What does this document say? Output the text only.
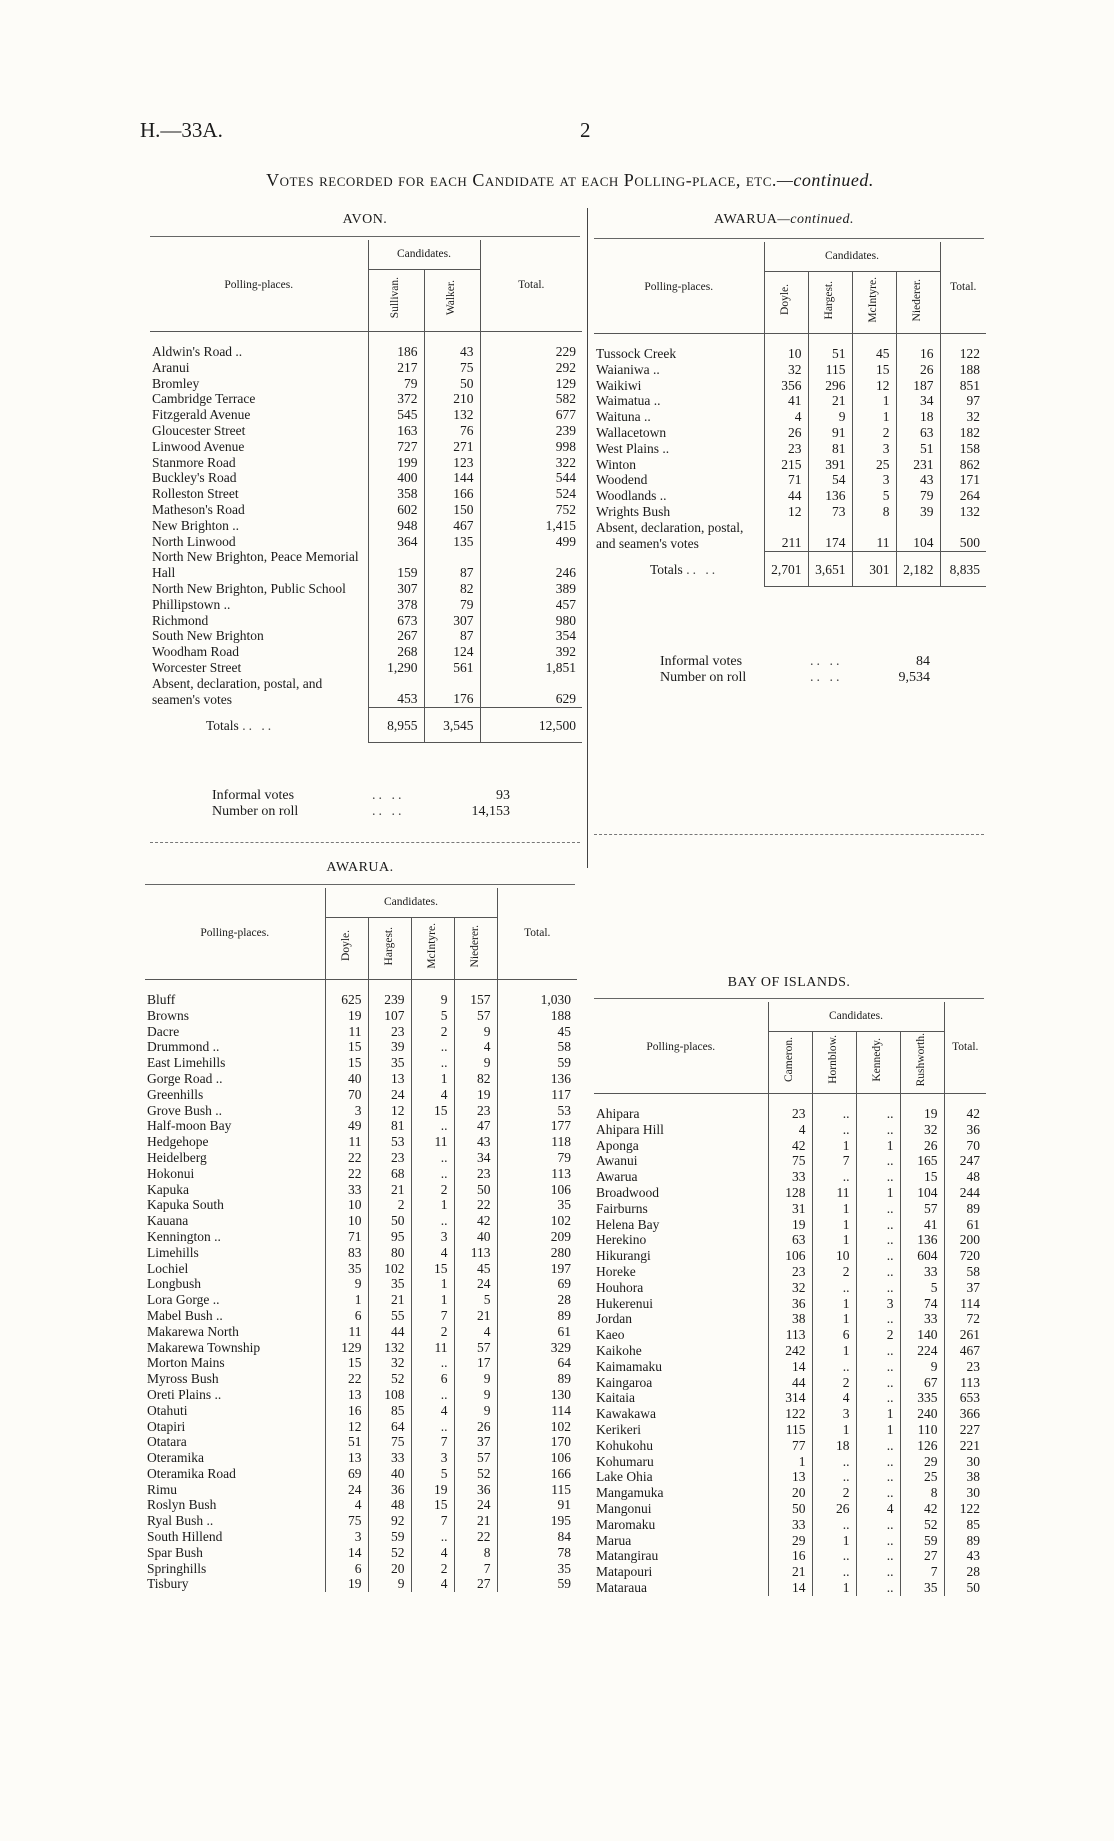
H.—33A.	2
Votes recorded for each Candidate at each Polling-place, etc.—continued.
AVON.
Polling-places.	Candidates.		Total.
	Sullivan.	Walker.	

Aldwin's Road ..	186	43	229
Aranui	217	75	292
Bromley	79	50	129
Cambridge Terrace	372	210	582
Fitzgerald Avenue	545	132	677
Gloucester Street	163	76	239
Linwood Avenue	727	271	998
Stanmore Road	199	123	322
Buckley's Road	400	144	544
Rolleston Street	358	166	524
Matheson's Road	602	150	752
New Brighton ..	948	467	1,415
North Linwood	364	135	499
North New Brighton, Peace Memorial Hall	159	87	246
North New Brighton, Public School	307	82	389
Phillipstown ..	378	79	457
Richmond	673	307	980
South New Brighton	267	87	354
Woodham Road	268	124	392
Worcester Street	1,290	561	1,851
Absent, declaration, postal, and seamen's votes	453	176	629
Totals .. ..	8,955	3,545	12,500
Informal votes	.. ..	93
Number on roll	.. ..	14,153
AWARUA—continued.
Polling-places.	Candidates.				Total.
	Doyle.	Hargest.	McIntyre.	Niederer.	

Tussock Creek	10	51	45	16	122
Waianiwa ..	32	115	15	26	188
Waikiwi	356	296	12	187	851
Waimatua ..	41	21	1	34	97
Waituna ..	4	9	1	18	32
Wallacetown	26	91	2	63	182
West Plains ..	23	81	3	51	158
Winton	215	391	25	231	862
Woodend	71	54	3	43	171
Woodlands ..	44	136	5	79	264
Wrights Bush	12	73	8	39	132
Absent, declaration, postal, and seamen's votes	211	174	11	104	500
Totals .. ..	2,701	3,651	301	2,182	8,835
Informal votes	.. ..	84
Number on roll	.. ..	9,534
AWARUA.
Polling-places.	Candidates.				Total.
	Doyle.	Hargest.	McIntyre.	Niederer.	

Bluff	625	239	9	157	1,030
Browns	19	107	5	57	188
Dacre	11	23	2	9	45
Drummond ..	15	39	..	4	58
East Limehills	15	35	..	9	59
Gorge Road ..	40	13	1	82	136
Greenhills	70	24	4	19	117
Grove Bush ..	3	12	15	23	53
Half-moon Bay	49	81	..	47	177
Hedgehope	11	53	11	43	118
Heidelberg	22	23	..	34	79
Hokonui	22	68	..	23	113
Kapuka	33	21	2	50	106
Kapuka South	10	2	1	22	35
Kauana	10	50	..	42	102
Kennington ..	71	95	3	40	209
Limehills	83	80	4	113	280
Lochiel	35	102	15	45	197
Longbush	9	35	1	24	69
Lora Gorge ..	1	21	1	5	28
Mabel Bush ..	6	55	7	21	89
Makarewa North	11	44	2	4	61
Makarewa Township	129	132	11	57	329
Morton Mains	15	32	..	17	64
Myross Bush	22	52	6	9	89
Oreti Plains ..	13	108	..	9	130
Otahuti	16	85	4	9	114
Otapiri	12	64	..	26	102
Otatara	51	75	7	37	170
Oteramika	13	33	3	57	106
Oteramika Road	69	40	5	52	166
Rimu	24	36	19	36	115
Roslyn Bush	4	48	15	24	91
Ryal Bush ..	75	92	7	21	195
South Hillend	3	59	..	22	84
Spar Bush	14	52	4	8	78
Springhills	6	20	2	7	35
Tisbury	19	9	4	27	59
BAY OF ISLANDS.
Polling-places.	Candidates.				Total.
	Cameron.	Hornblow.	Kennedy.	Rushworth.	

Ahipara	23	..	..	19	42
Ahipara Hill	4	..	..	32	36
Aponga	42	1	1	26	70
Awanui	75	7	..	165	247
Awarua	33	..	..	15	48
Broadwood	128	11	1	104	244
Fairburns	31	1	..	57	89
Helena Bay	19	1	..	41	61
Herekino	63	1	..	136	200
Hikurangi	106	10	..	604	720
Horeke	23	2	..	33	58
Houhora	32	..	..	5	37
Hukerenui	36	1	3	74	114
Jordan	38	1	..	33	72
Kaeo	113	6	2	140	261
Kaikohe	242	1	..	224	467
Kaimamaku	14	..	..	9	23
Kaingaroa	44	2	..	67	113
Kaitaia	314	4	..	335	653
Kawakawa	122	3	1	240	366
Kerikeri	115	1	1	110	227
Kohukohu	77	18	..	126	221
Kohumaru	1	..	..	29	30
Lake Ohia	13	..	..	25	38
Mangamuka	20	2	..	8	30
Mangonui	50	26	4	42	122
Maromaku	33	..	..	52	85
Marua	29	1	..	59	89
Matangirau	16	..	..	27	43
Matapouri	21	..	..	7	28
Mataraua	14	1	..	35	50
